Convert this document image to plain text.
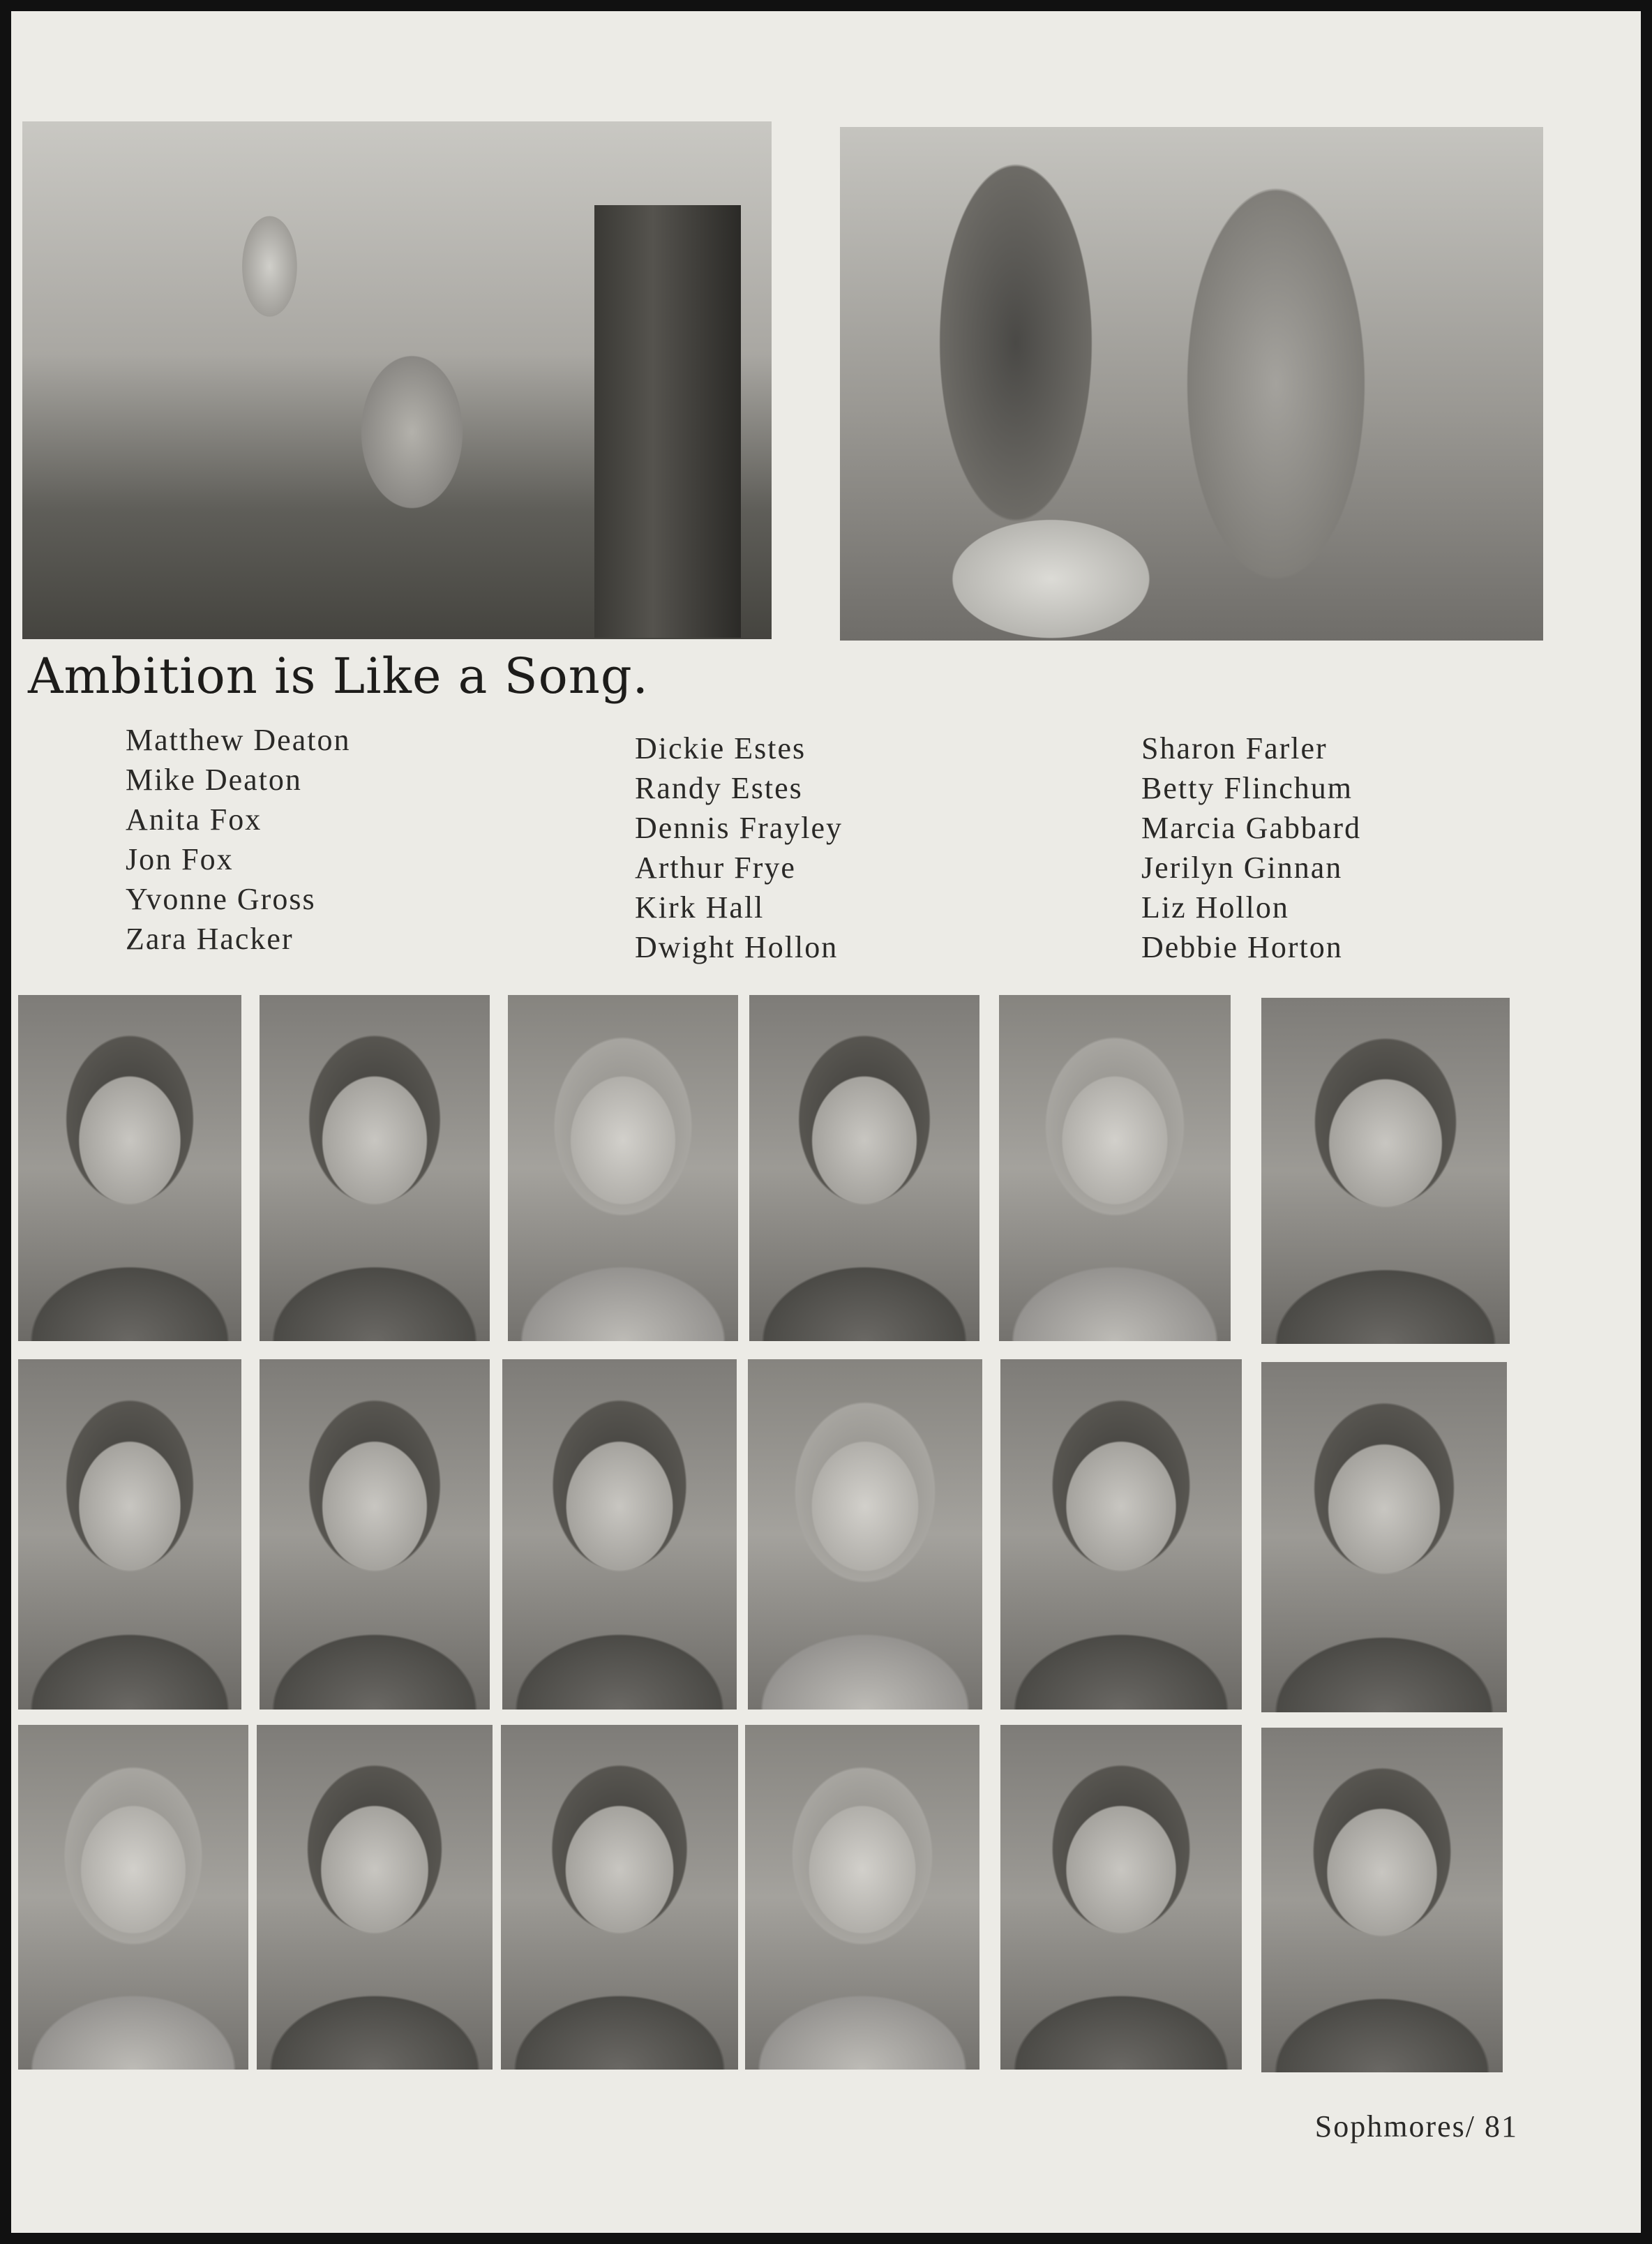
Ambition is Like a Song.
Matthew Deaton
Mike Deaton
Anita Fox
Jon Fox
Yvonne Gross
Zara Hacker
Dickie Estes
Randy Estes
Dennis Frayley
Arthur Frye
Kirk Hall
Dwight Hollon
Sharon Farler
Betty Flinchum
Marcia Gabbard
Jerilyn Ginnan
Liz Hollon
Debbie Horton
Sophmores/ 81
